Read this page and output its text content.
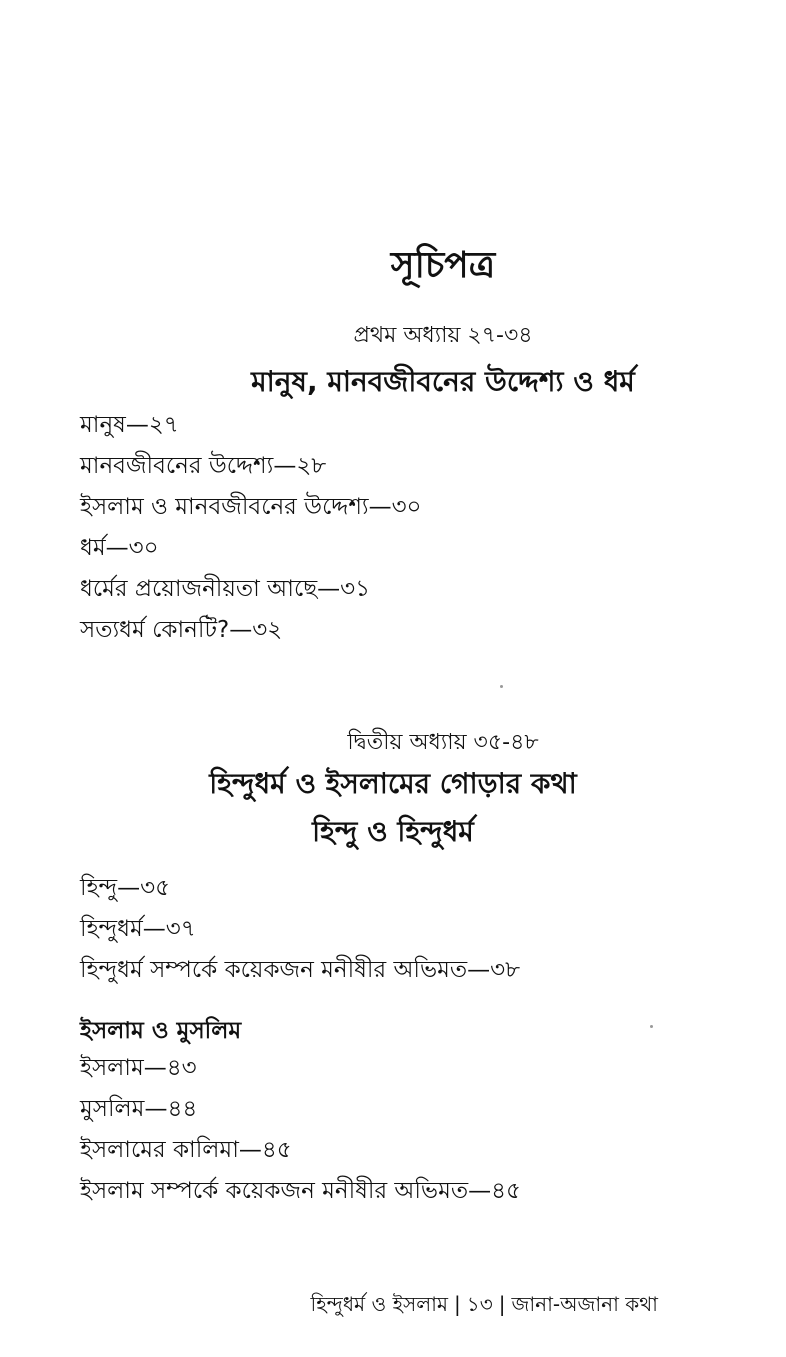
সূচিপত্র
প্রথম অধ্যায় ২৭-৩৪
মানুষ, মানবজীবনের উদ্দেশ্য ও ধর্ম
মানুষ—২৭
মানবজীবনের উদ্দেশ্য—২৮
ইসলাম ও মানবজীবনের উদ্দেশ্য—৩০
ধর্ম—৩০
ধর্মের প্রয়োজনীয়তা আছে—৩১
সত্যধর্ম কোনটি?—৩২
দ্বিতীয় অধ্যায় ৩৫-৪৮
হিন্দুধর্ম ও ইসলামের গোড়ার কথা
হিন্দু ও হিন্দুধর্ম
হিন্দু—৩৫
হিন্দুধর্ম—৩৭
হিন্দুধর্ম সম্পর্কে কয়েকজন মনীষীর অভিমত—৩৮
ইসলাম ও মুসলিম
ইসলাম—৪৩
মুসলিম—৪৪
ইসলামের কালিমা—৪৫
ইসলাম সম্পর্কে কয়েকজন মনীষীর অভিমত—৪৫
হিন্দুধর্ম ও ইসলাম | ১৩ | জানা-অজানা কথা
